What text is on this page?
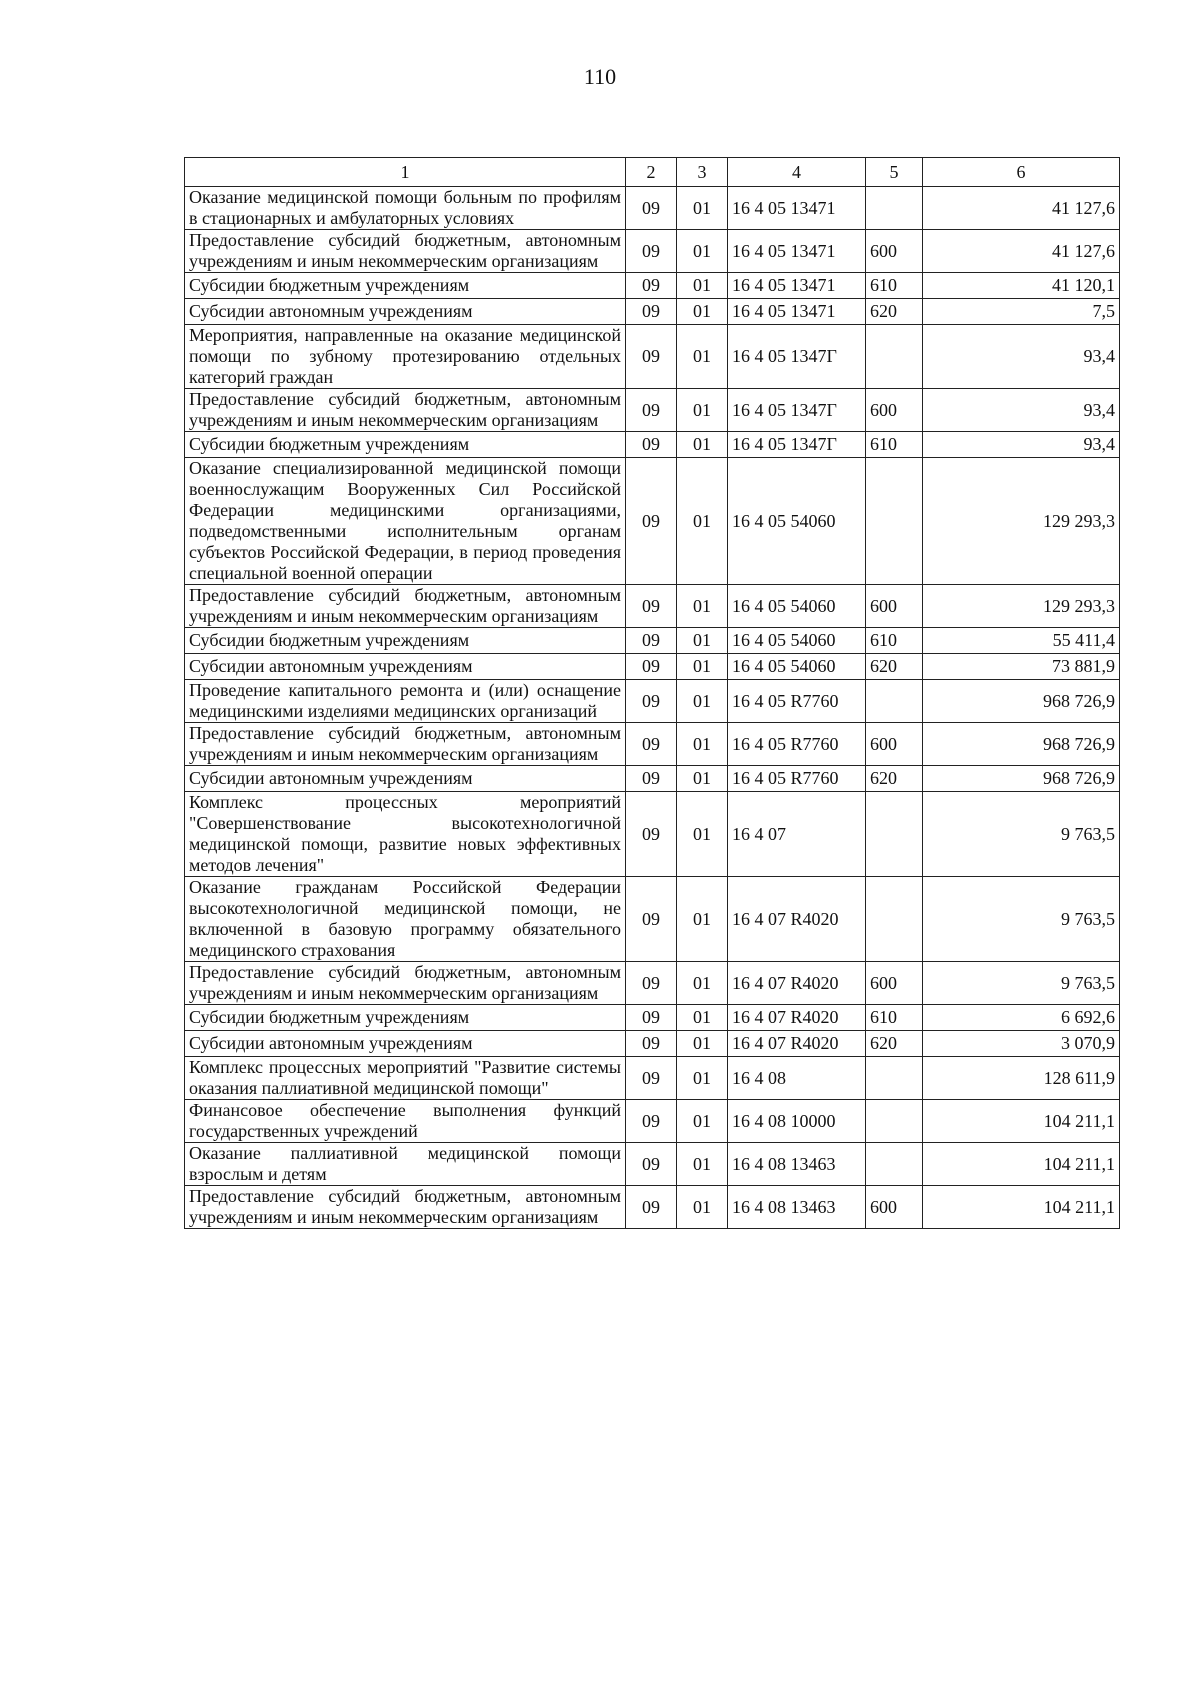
110
1	2	3	4	5	6
Оказание медицинской помощи больным по профилям в стационарных и амбулаторных условиях	09	01	16 4 05 13471		41 127,6
Предоставление субсидий бюджетным, автономным учреждениям и иным некоммерческим организациям	09	01	16 4 05 13471	600	41 127,6
Субсидии бюджетным учреждениям	09	01	16 4 05 13471	610	41 120,1
Субсидии автономным учреждениям	09	01	16 4 05 13471	620	7,5
Мероприятия, направленные на оказание медицинской помощи по зубному протезированию отдельных категорий граждан	09	01	16 4 05 1347Г		93,4
Предоставление субсидий бюджетным, автономным учреждениям и иным некоммерческим организациям	09	01	16 4 05 1347Г	600	93,4
Субсидии бюджетным учреждениям	09	01	16 4 05 1347Г	610	93,4
Оказание специализированной медицинской помощи военнослужащим Вооруженных Сил Российской Федерации медицинскими организациями, подведомственными исполнительным органам субъектов Российской Федерации, в период проведения специальной военной операции	09	01	16 4 05 54060		129 293,3
Предоставление субсидий бюджетным, автономным учреждениям и иным некоммерческим организациям	09	01	16 4 05 54060	600	129 293,3
Субсидии бюджетным учреждениям	09	01	16 4 05 54060	610	55 411,4
Субсидии автономным учреждениям	09	01	16 4 05 54060	620	73 881,9
Проведение капитального ремонта и (или) оснащение медицинскими изделиями медицинских организаций	09	01	16 4 05 R7760		968 726,9
Предоставление субсидий бюджетным, автономным учреждениям и иным некоммерческим организациям	09	01	16 4 05 R7760	600	968 726,9
Субсидии автономным учреждениям	09	01	16 4 05 R7760	620	968 726,9
Комплекс процессных мероприятий "Совершенствование высокотехнологичной медицинской помощи, развитие новых эффективных методов лечения"	09	01	16 4 07		9 763,5
Оказание гражданам Российской Федерации высокотехнологичной медицинской помощи, не включенной в базовую программу обязательного медицинского страхования	09	01	16 4 07 R4020		9 763,5
Предоставление субсидий бюджетным, автономным учреждениям и иным некоммерческим организациям	09	01	16 4 07 R4020	600	9 763,5
Субсидии бюджетным учреждениям	09	01	16 4 07 R4020	610	6 692,6
Субсидии автономным учреждениям	09	01	16 4 07 R4020	620	3 070,9
Комплекс процессных мероприятий "Развитие системы оказания паллиативной медицинской помощи"	09	01	16 4 08		128 611,9
Финансовое обеспечение выполнения функций государственных учреждений	09	01	16 4 08 10000		104 211,1
Оказание паллиативной медицинской помощи взрослым и детям	09	01	16 4 08 13463		104 211,1
Предоставление субсидий бюджетным, автономным учреждениям и иным некоммерческим организациям	09	01	16 4 08 13463	600	104 211,1
